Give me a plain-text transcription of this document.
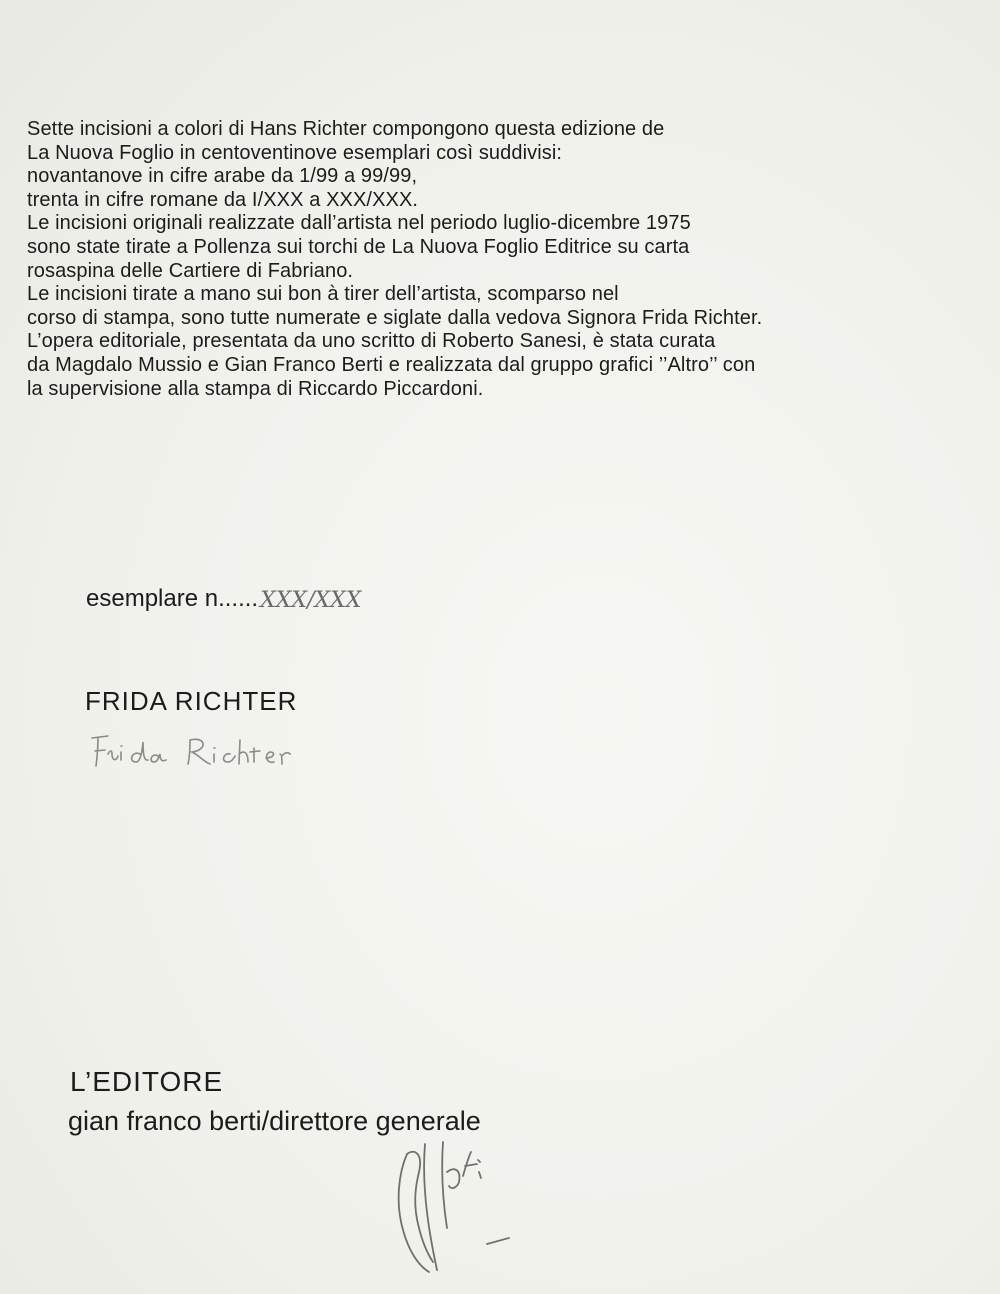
Sette incisioni a colori di Hans Richter compongono questa edizione de
La Nuova Foglio in centoventinove esemplari così suddivisi:
novantanove in cifre arabe da 1/99 a 99/99,
trenta in cifre romane da I/XXX a XXX/XXX.
Le incisioni originali realizzate dall’artista nel periodo luglio-dicembre 1975
sono state tirate a Pollenza sui torchi de La Nuova Foglio Editrice su carta
rosaspina delle Cartiere di Fabriano.
Le incisioni tirate a mano sui bon à tirer dell’artista, scomparso nel
corso di stampa, sono tutte numerate e siglate dalla vedova Signora Frida Richter.
L’opera editoriale, presentata da uno scritto di Roberto Sanesi, è stata curata
da Magdalo Mussio e Gian Franco Berti e realizzata dal gruppo grafici ’’Altro’’ con
la supervisione alla stampa di Riccardo Piccardoni.
esemplare n...... XXX/XXX
FRIDA RICHTER
L’EDITORE
gian franco berti/direttore generale
